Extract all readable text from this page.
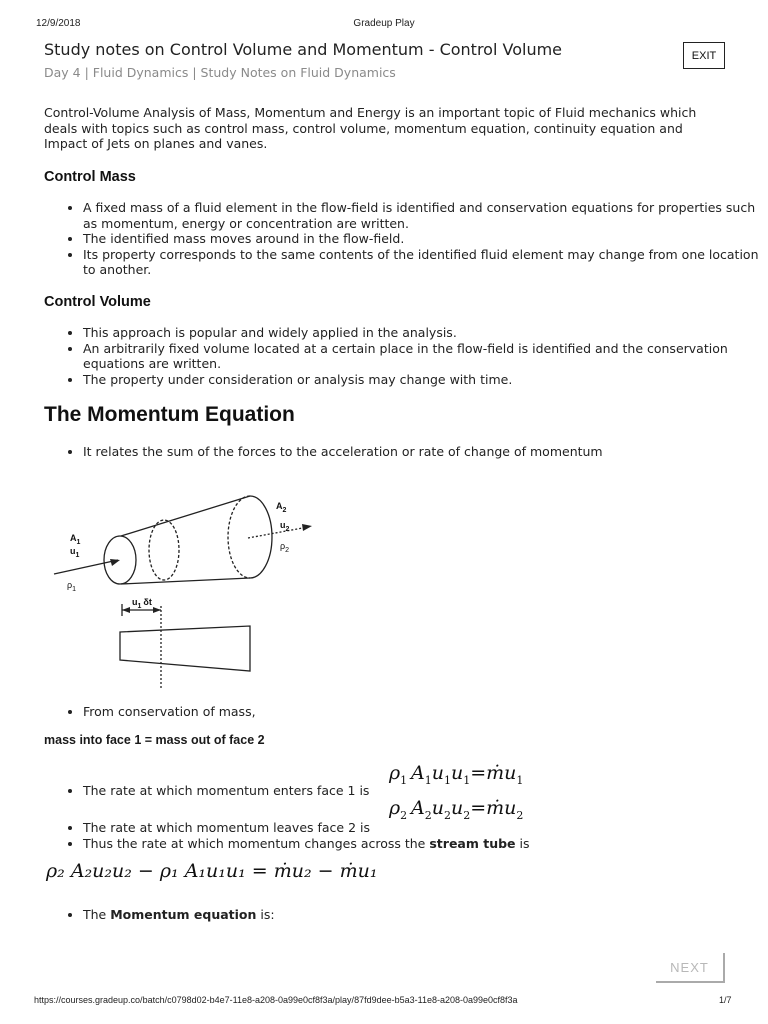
12/9/2018	Gradeup Play
Study notes on Control Volume and Momentum - Control Volume
Day 4 | Fluid Dynamics | Study Notes on Fluid Dynamics
EXIT
Control-Volume Analysis of Mass, Momentum and Energy is an important topic of Fluid mechanics which deals with topics such as control mass, control volume, momentum equation, continuity equation and Impact of Jets on planes and vanes.
Control Mass
• A fixed mass of a fluid element in the flow-field is identified and conservation equations for properties such as momentum, energy or concentration are written.
• The identified mass moves around in the flow-field.
• Its property corresponds to the same contents of the identified fluid element may change from one location to another.
Control Volume
• This approach is popular and widely applied in the analysis.
• An arbitrarily fixed volume located at a certain place in the flow-field is identified and the conservation equations are written.
• The property under consideration or analysis may change with time.
The Momentum Equation
• It relates the sum of the forces to the acceleration or rate of change of momentum
$A_1$
$u_1$
$\rho_1$
$A_2$
$u_2$
$\rho_2$
$u_1$ δt
• From conservation of mass,
mass into face 1 = mass out of face 2
$\rho_1$  $A_1u_1u_1=ṁu_1$
• The rate at which momentum enters face 1 is
$\rho_2$  $A_2u_2u_2=ṁu_2$
• The rate at which momentum leaves face 2 is
• Thus the rate at which momentum changes across the stream tube is
ρ₂ A₂u₂u₂ − ρ₁ A₁u₁u₁ = ṁu₂ − ṁu₁
• The Momentum equation is:
NEXT
https://courses.gradeup.co/batch/c0798d02-b4e7-11e8-a208-0a99e0cf8f3a/play/87fd9dee-b5a3-11e8-a208-0a99e0cf8f3a	1/7
